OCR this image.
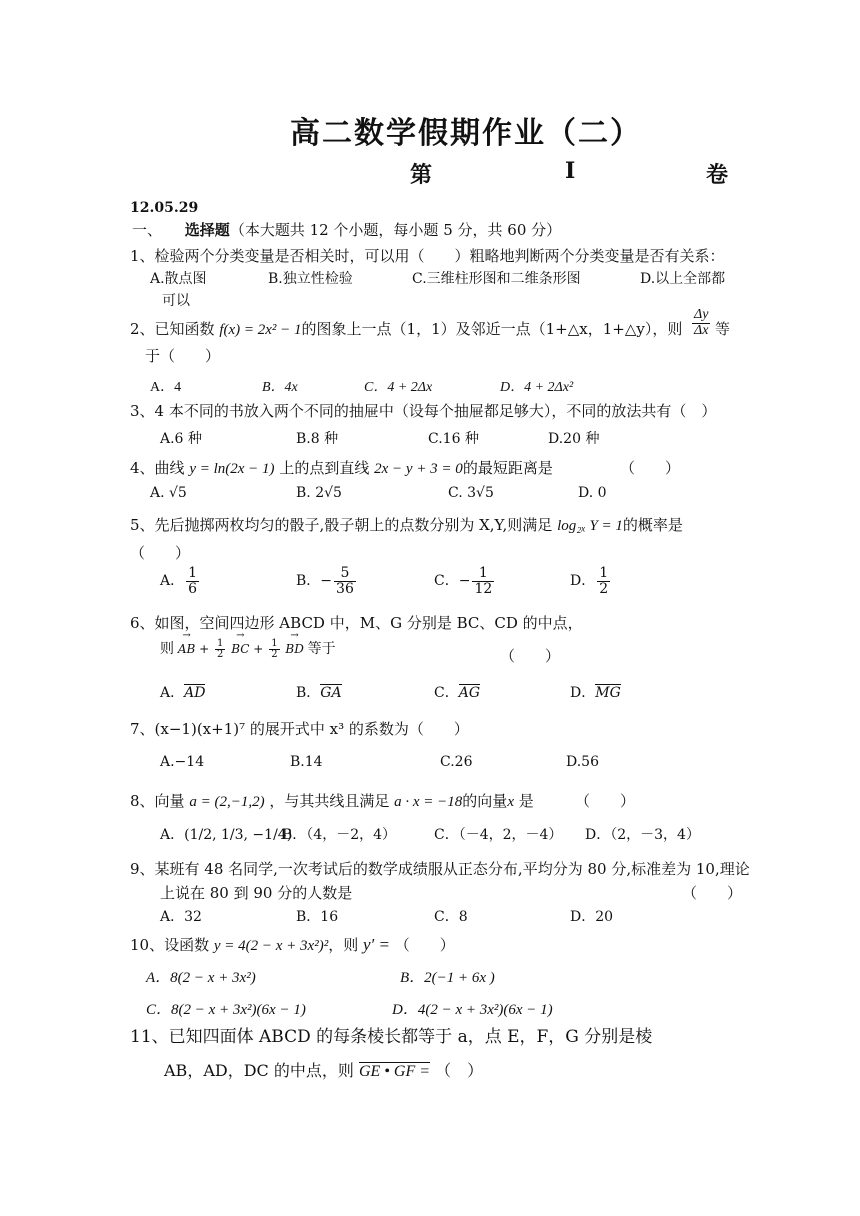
高二数学假期作业（二）
第	I	卷
12.05.29
一、 选择题（本大题共 12 个小题，每小题 5 分，共 60 分）
1、检验两个分类变量是否相关时，可以用（　　）粗略地判断两个分类变量是否有关系：
A.散点图	B.独立性检验	C.三维柱形图和二维条形图	D.以上全部都
可以
2、已知函数 f(x) = 2x² − 1的图象上一点（1，1）及邻近一点（1+△x，1+△y），则 $\frac{\Delta y}{\Delta x}$ 等
于（　　）
A．4	B．4x	C．4 + 2Δx	D．4 + 2Δx²
3、4 本不同的书放入两个不同的抽屉中（设每个抽屉都足够大），不同的放法共有（　）
A.6 种	B.8 种	C.16 种	D.20 种
4、曲线 y = ln(2x − 1) 上的点到直线 2x − y + 3 = 0的最短距离是	（　　）
A. √5	B. 2√5	C. 3√5	D. 0
5、先后抛掷两枚均匀的骰子,骰子朝上的点数分别为 X,Y,则满足 log₂ₓ Y = 1的概率是
（　　）
A． $\frac{1}{6}$	B．− $\frac{5}{36}$	C．− $\frac{1}{12}$	D． $\frac{1}{2}$
6、如图，空间四边形 ABCD 中，M、G 分别是 BC、CD 的中点，
则 AB → + $\frac{1}{2}$ BC → + $\frac{1}{2}$ BD → 等于	（　　）
A．AD	B．GA	C．AG	D．MG
7、(x−1)(x+1)⁷ 的展开式中 x³ 的系数为（　　）
A.−14	B.14	C.26	D.56
8、向量 a = (2,−1,2) ，与其共线且满足 a · x = −18的向量x 是	（　　）
A．(1/2, 1/3, −1/4)
B．（4，－2，4）	C．（－4，2，－4） D．（2，－3，4）
9、某班有 48 名同学,一次考试后的数学成绩服从正态分布,平均分为 80 分,标准差为 10,理论
上说在 80 到 90 分的人数是	（　　）
A．32	B．16	C．8	D．20
10、设函数 y = 4(2 − x + 3x²)²，则 y′ = （　　）
A．8(2 − x + 3x²)	B．2(−1 + 6x )
C．8(2 − x + 3x²)(6x − 1)	D．4(2 − x + 3x²)(6x − 1)
11、已知四面体 ABCD 的每条棱长都等于 a，点 E，F，G 分别是棱
AB，AD，DC 的中点，则 GE • GF = （　）
